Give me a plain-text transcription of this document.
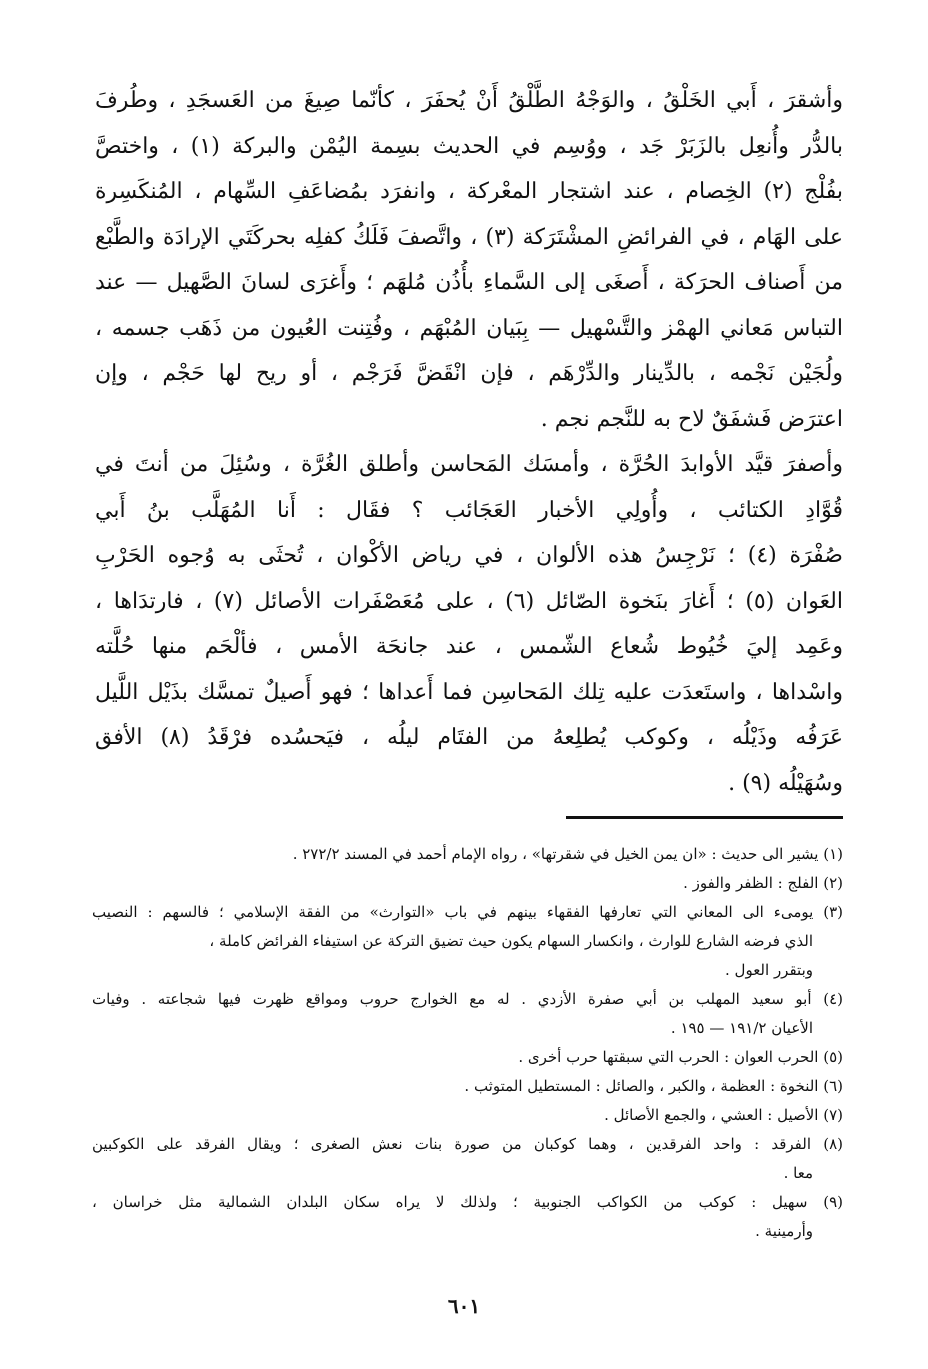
وأشقرَ ، أَبي الخَلْقُ ، والوَجْهُ الطَّلْقُ أَنْ يُحفَرَ ، كأنّما صِيغَ من العَسجَدِ ، وطُرفَ
بالدُّر وأُنعِل بالزَبَرْ جَد ، ووُسِم في الحديث بسِمة اليُمْن والبركة (١) ، واختصَّ
بفُلْج (٢) الخِصام ، عند اشتجار المعْركة ، وانفرَد بمُضاعَفِ السِّهام ، المُنكَسِرة
على الهَام ، في الفرائضِ المشْتَرَكة (٣) ، واتَّصفَ فَلَكُ كفلِه بحركَتَي الإرادَة والطَّبْع
من أَصناف الحرَكة ، أَصغَى إلى السَّماءِ بأُذُن مُلهَم ؛ وأَغرَى لسانَ الصَّهيل — عند
التباس مَعاني الهمْز والتَّسْهيل — بِبَيان المُبْهَم ، وفُتِنت العُيون من ذَهَب جسمه ،
ولُجَيْن نَجْمه ، بالدِّينار والدِّرْهَم ، فإن انْقَضَّ فَرَجْم ، أو ريح لها حَجْم ، وإن
اعترَض فَشفَقٌ لاح به للنَّجم نجم .
وأصفرَ قيَّد الأوابدَ الحُرَّة ، وأمسَك المَحاسن وأطلق الغُرَّة ، وسُئِلَ من أنتَ في
قُوَّادِ الكتائب ، وأُولِي الأخبار العَجَائب ؟ فقَال : أَنا المُهَلَّب بنُ أَبي
صُفْرَة (٤) ؛ نَرْجِسُ هذه الألوان ، في رياض الأكْوان ، تُحثَى به وُجوه الحَرْبِ
العَوان (٥) ؛ أَغارَ بنَخوة الصّائل (٦) ، على مُعَصْفَرات الأصائل (٧) ، فارتدَاها ،
وعَمِد إليَ خُيُوط شُعاع الشّمس ، عند جانحَة الأمس ، فألْحَم منها حُلَّته
واسْداها ، واستَعدَت عليه تِلك المَحاسِن فما أَعداها ؛ فهو أَصيلٌ تمسَّك بذَيْل اللَّيل
عَرَفُه وذَيْلُه ، وكوكب يُطلِعهُ من الفتَام ليلُه ، فيَحسُده فرْقَدُ (٨) الأفق
وسُهَيْلُه (٩) .
(١) يشير الى حديث : «ان يمن الخيل في شقرتها» ، رواه الإمام أحمد في المسند ٢٧٢/٢ .
(٢) الفلج : الظفر والفوز .
(٣) يومىء الى المعاني التي تعارفها الفقهاء بينهم في باب «التوارث» من الفقة الإسلامي ؛ فالسهم : النصيب
الذي فرضه الشارع للوارث ، وانكسار السهام يكون حيث تضيق التركة عن استيفاء الفرائض كاملة ،
وبتقرر العول .
(٤) أبو سعيد المهلب بن أبي صفرة الأزدي . له مع الخوارج حروب ومواقع ظهرت فيها شجاعته . وفيات
الأعيان ١٩١/٢ — ١٩٥ .
(٥) الحرب العوان : الحرب التي سبقتها حرب أخرى .
(٦) النخوة : العظمة ، والكبر ، والصائل : المستطيل المتوثب .
(٧) الأصيل : العشي ، والجمع الأصائل .
(٨) الفرقد : واحد الفرقدين ، وهما كوكبان من صورة بنات نعش الصغرى ؛ ويقال الفرقد على الكوكبين
معا .
(٩) سهيل : كوكب من الكواكب الجنوبية ؛ ولذلك لا يراه سكان البلدان الشمالية مثل خراسان ،
وأرمينية .
٦٠١
